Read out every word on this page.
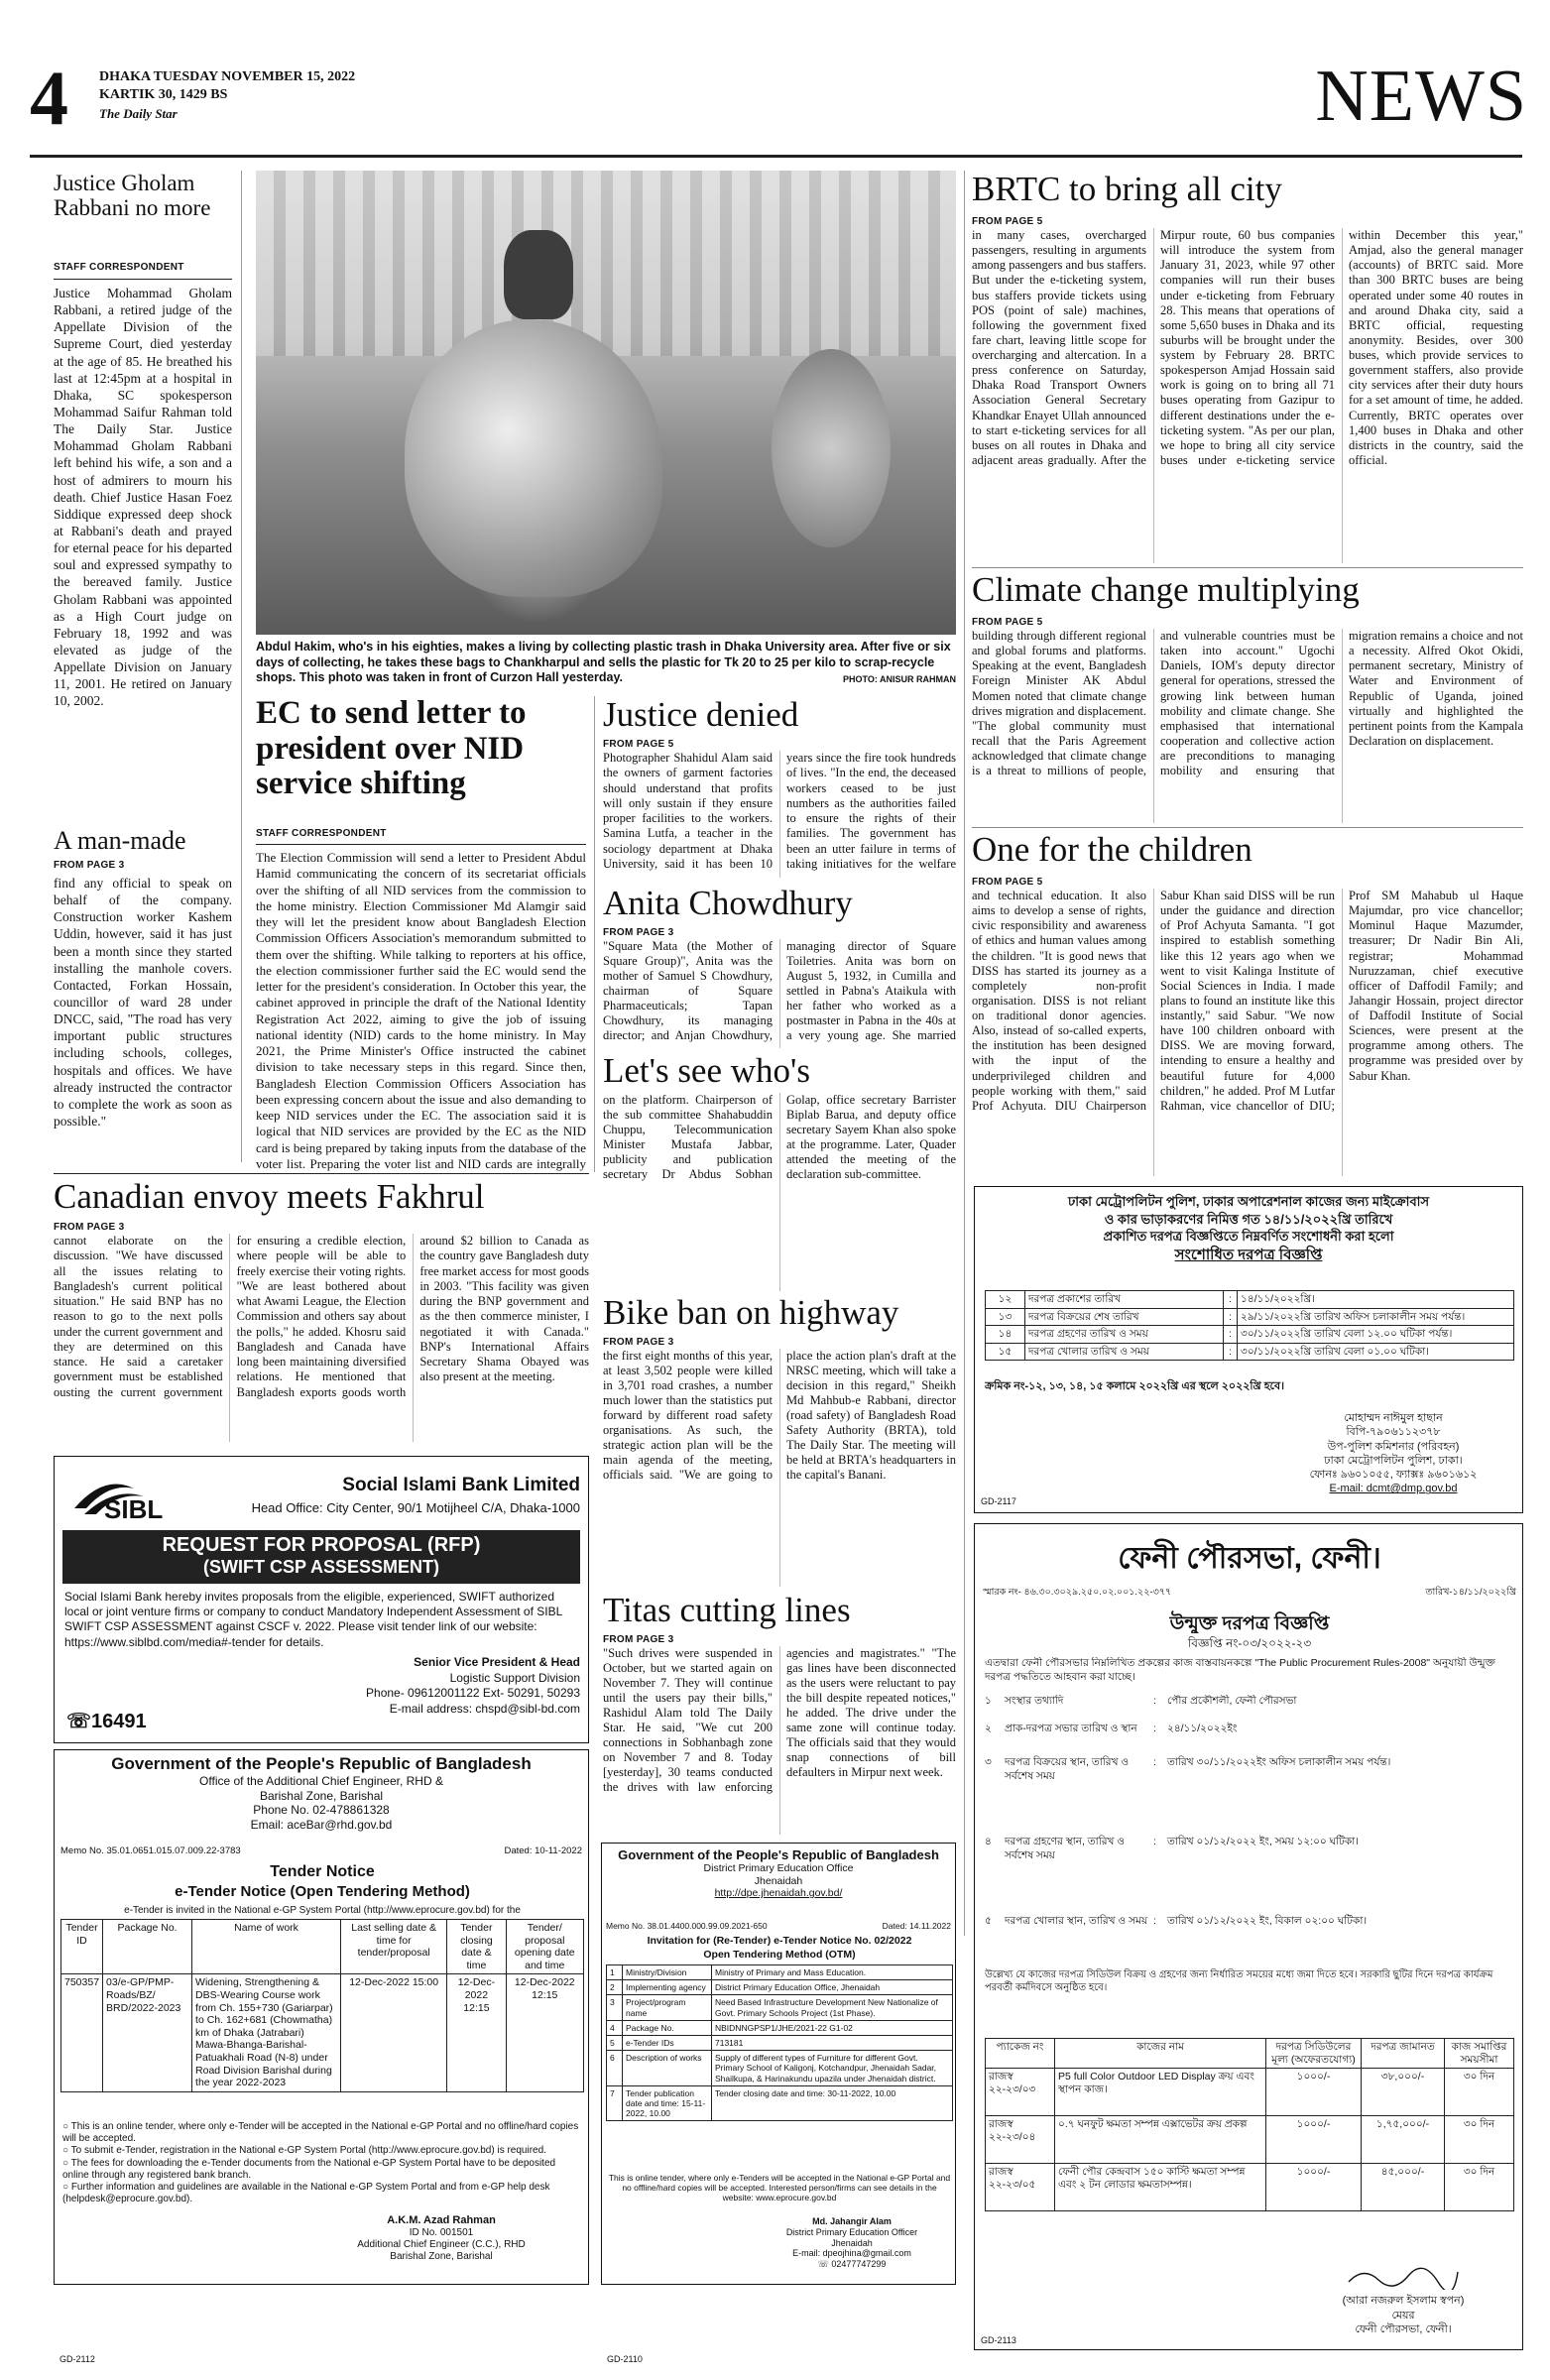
4	DHAKA TUESDAY NOVEMBER 15, 2022
KARTIK 30, 1429 BS
The Daily Star	NEWS
Justice Gholam Rabbani no more
STAFF CORRESPONDENT
Justice Mohammad Gholam Rabbani, a retired judge of the Appellate Division of the Supreme Court, died yesterday at the age of 85. He breathed his last at 12:45pm at a hospital in Dhaka, SC spokesperson Mohammad Saifur Rahman told The Daily Star. Justice Mohammad Gholam Rabbani left behind his wife, a son and a host of admirers to mourn his death. Chief Justice Hasan Foez Siddique expressed deep shock at Rabbani's death and prayed for eternal peace for his departed soul and expressed sympathy to the bereaved family. Justice Gholam Rabbani was appointed as a High Court judge on February 18, 1992 and was elevated as judge of the Appellate Division on January 11, 2001. He retired on January 10, 2002.
A man-made
FROM PAGE 3
find any official to speak on behalf of the company. Construction worker Kashem Uddin, however, said it has just been a month since they started installing the manhole covers. Contacted, Forkan Hossain, councillor of ward 28 under DNCC, said, "The road has very important public structures including schools, colleges, hospitals and offices. We have already instructed the contractor to complete the work as soon as possible."
Abdul Hakim, who's in his eighties, makes a living by collecting plastic trash in Dhaka University area. After five or six days of collecting, he takes these bags to Chankharpul and sells the plastic for Tk 20 to 25 per kilo to scrap-recycle shops. This photo was taken in front of Curzon Hall yesterday.	PHOTO: ANISUR RAHMAN
EC to send letter to president over NID service shifting
STAFF CORRESPONDENT
The Election Commission will send a letter to President Abdul Hamid communicating the concern of its secretariat officials over the shifting of all NID services from the commission to the home ministry. Election Commissioner Md Alamgir said they will let the president know about Bangladesh Election Commission Officers Association's memorandum submitted to them over the shifting. While talking to reporters at his office, the election commissioner further said the EC would send the letter for the president's consideration. In October this year, the cabinet approved in principle the draft of the National Identity Registration Act 2022, aiming to give the job of issuing national identity (NID) cards to the home ministry. In May 2021, the Prime Minister's Office instructed the cabinet division to take necessary steps in this regard. Since then, Bangladesh Election Commission Officers Association has been expressing concern about the issue and also demanding to keep NID services under the EC. The association said it is logical that NID services are provided by the EC as the NID card is being prepared by taking inputs from the database of the voter list. Preparing the voter list and NID cards are integrally
Justice denied
FROM PAGE 5
Photographer Shahidul Alam said the owners of garment factories should understand that profits will only sustain if they ensure proper facilities to the workers. Samina Lutfa, a teacher in the sociology department at Dhaka University, said it has been 10 years since the fire took hundreds of lives. "In the end, the deceased workers ceased to be just numbers as the authorities failed to ensure the rights of their families. The government has been an utter failure in terms of taking initiatives for the welfare
Anita Chowdhury
FROM PAGE 3
"Square Mata (the Mother of Square Group)", Anita was the mother of Samuel S Chowdhury, chairman of Square Pharmaceuticals; Tapan Chowdhury, its managing director; and Anjan Chowdhury, managing director of Square Toiletries. Anita was born on August 5, 1932, in Cumilla and settled in Pabna's Ataikula with her father who worked as a postmaster in Pabna in the 40s at a very young age. She married
Let's see who's
on the platform. Chairperson of the sub committee Shahabuddin Chuppu, Telecommunication Minister Mustafa Jabbar, publicity and publication secretary Dr Abdus Sobhan Golap, office secretary Barrister Biplab Barua, and deputy office secretary Sayem Khan also spoke at the programme. Later, Quader attended the meeting of the declaration sub-committee.
Bike ban on highway
FROM PAGE 3
the first eight months of this year, at least 3,502 people were killed in 3,701 road crashes, a number much lower than the statistics put forward by different road safety organisations. As such, the strategic action plan will be the main agenda of the meeting, officials said. "We are going to place the action plan's draft at the NRSC meeting, which will take a decision in this regard," Sheikh Md Mahbub-e Rabbani, director (road safety) of Bangladesh Road Safety Authority (BRTA), told The Daily Star. The meeting will be held at BRTA's headquarters in the capital's Banani.
Titas cutting lines
FROM PAGE 3
"Such drives were suspended in October, but we started again on November 7. They will continue until the users pay their bills," Rashidul Alam told The Daily Star. He said, "We cut 200 connections in Sobhanbagh zone on November 7 and 8. Today [yesterday], 30 teams conducted the drives with law enforcing agencies and magistrates." "The gas lines have been disconnected as the users were reluctant to pay the bill despite repeated notices," he added. The drive under the same zone will continue today. The officials said that they would snap connections of bill defaulters in Mirpur next week.
Canadian envoy meets Fakhrul
FROM PAGE 3
cannot elaborate on the discussion. "We have discussed all the issues relating to Bangladesh's current political situation." He said BNP has no reason to go to the next polls under the current government and they are determined on this stance. He said a caretaker government must be established ousting the current government for ensuring a credible election, where people will be able to freely exercise their voting rights. "We are least bothered about what Awami League, the Election Commission and others say about the polls," he added. Khosru said Bangladesh and Canada have long been maintaining diversified relations. He mentioned that Bangladesh exports goods worth around $2 billion to Canada as the country gave Bangladesh duty free market access for most goods in 2003. "This facility was given during the BNP government and as the then commerce minister, I negotiated it with Canada." BNP's International Affairs Secretary Shama Obayed was also present at the meeting.
SIBL
Social Islami Bank Limited
Head Office: City Center, 90/1 Motijheel C/A, Dhaka-1000
REQUEST FOR PROPOSAL (RFP)
(SWIFT CSP ASSESSMENT)
Social Islami Bank hereby invites proposals from the eligible, experienced, SWIFT authorized local or joint venture firms or company to conduct Mandatory Independent Assessment of SIBL SWIFT CSP ASSESSMENT against CSCF v. 2022. Please visit tender link of our website: https://www.siblbd.com/media#-tender for details.
Senior Vice President & Head
Logistic Support Division
Phone- 09612001122 Ext- 50291, 50293
E-mail address: chspd@sibl-bd.com
☏16491
Government of the People's Republic of Bangladesh
Office of the Additional Chief Engineer, RHD &
Barishal Zone, Barishal
Phone No. 02-478861328
Email: aceBar@rhd.gov.bd
Memo No. 35.01.0651.015.07.009.22-3783	Dated: 10-11-2022
Tender Notice
e-Tender Notice (Open Tendering Method)
e-Tender is invited in the National e-GP System Portal (http://www.eprocure.gov.bd) for the
Tender ID	Package No.	Name of work	Last selling date & time for tender/proposal	Tender closing date & time	Tender/ proposal opening date and time
750357	03/e-GP/PMP-Roads/BZ/ BRD/2022-2023	Widening, Strengthening & DBS-Wearing Course work from Ch. 155+730 (Gariarpar) to Ch. 162+681 (Chowmatha) km of Dhaka (Jatrabari) Mawa-Bhanga-Barishal-Patuakhali Road (N-8) under Road Division Barishal during the year 2022-2023	12-Dec-2022 15:00	12-Dec-2022 12:15	12-Dec-2022 12:15
○ This is an online tender, where only e-Tender will be accepted in the National e-GP Portal and no offline/hard copies will be accepted.
○ To submit e-Tender, registration in the National e-GP System Portal (http://www.eprocure.gov.bd) is required.
○ The fees for downloading the e-Tender documents from the National e-GP System Portal have to be deposited online through any registered bank branch.
○ Further information and guidelines are available in the National e-GP System Portal and from e-GP help desk (helpdesk@eprocure.gov.bd).
A.K.M. Azad Rahman
ID No. 001501
Additional Chief Engineer (C.C.), RHD
Barishal Zone, Barishal
GD-2112
Government of the People's Republic of Bangladesh
District Primary Education Office
Jhenaidah
http://dpe.jhenaidah.gov.bd/
Memo No. 38.01.4400.000.99.09.2021-650	Dated: 14.11.2022
Invitation for (Re-Tender) e-Tender Notice No. 02/2022
Open Tendering Method (OTM)
1	Ministry/Division	Ministry of Primary and Mass Education.
2	Implementing agency	District Primary Education Office, Jhenaidah
3	Project/program name	Need Based Infrastructure Development New Nationalize of Govt. Primary Schools Project (1st Phase).
4	Package No.	NBIDNNGPSP1/JHE/2021-22 G1-02
5	e-Tender IDs	713181
6	Description of works	Supply of different types of Furniture for different Govt. Primary School of Kaligonj, Kotchandpur, Jhenaidah Sadar, Shailkupa, & Harinakundu upazila under Jhenaidah district.
7	Tender publication date and time: 15-11-2022, 10.00	Tender closing date and time: 30-11-2022, 10.00
This is online tender, where only e-Tenders will be accepted in the National e-GP Portal and no offline/hard copies will be accepted. Interested person/firms can see details in the website: www.eprocure.gov.bd
Md. Jahangir Alam
District Primary Education Officer
Jhenaidah
E-mail: dpeojhina@gmail.com
☏ 02477747299
GD-2110
BRTC to bring all city
FROM PAGE 5
in many cases, overcharged passengers, resulting in arguments among passengers and bus staffers. But under the e-ticketing system, bus staffers provide tickets using POS (point of sale) machines, following the government fixed fare chart, leaving little scope for overcharging and altercation. In a press conference on Saturday, Dhaka Road Transport Owners Association General Secretary Khandkar Enayet Ullah announced to start e-ticketing services for all buses on all routes in Dhaka and adjacent areas gradually. After the Mirpur route, 60 bus companies will introduce the system from January 31, 2023, while 97 other companies will run their buses under e-ticketing from February 28. This means that operations of some 5,650 buses in Dhaka and its suburbs will be brought under the system by February 28. BRTC spokesperson Amjad Hossain said work is going on to bring all 71 buses operating from Gazipur to different destinations under the e-ticketing system. "As per our plan, we hope to bring all city service buses under e-ticketing service within December this year," Amjad, also the general manager (accounts) of BRTC said. More than 300 BRTC buses are being operated under some 40 routes in and around Dhaka city, said a BRTC official, requesting anonymity. Besides, over 300 buses, which provide services to government staffers, also provide city services after their duty hours for a set amount of time, he added. Currently, BRTC operates over 1,400 buses in Dhaka and other districts in the country, said the official.
Climate change multiplying
FROM PAGE 5
building through different regional and global forums and platforms. Speaking at the event, Bangladesh Foreign Minister AK Abdul Momen noted that climate change drives migration and displacement. "The global community must recall that the Paris Agreement acknowledged that climate change is a threat to millions of people, and vulnerable countries must be taken into account." Ugochi Daniels, IOM's deputy director general for operations, stressed the growing link between human mobility and climate change. She emphasised that international cooperation and collective action are preconditions to managing mobility and ensuring that migration remains a choice and not a necessity. Alfred Okot Okidi, permanent secretary, Ministry of Water and Environment of Republic of Uganda, joined virtually and highlighted the pertinent points from the Kampala Declaration on displacement.
One for the children
FROM PAGE 5
and technical education. It also aims to develop a sense of rights, civic responsibility and awareness of ethics and human values among the children. "It is good news that DISS has started its journey as a completely non-profit organisation. DISS is not reliant on traditional donor agencies. Also, instead of so-called experts, the institution has been designed with the input of the underprivileged children and people working with them," said Prof Achyuta. DIU Chairperson Sabur Khan said DISS will be run under the guidance and direction of Prof Achyuta Samanta. "I got inspired to establish something like this 12 years ago when we went to visit Kalinga Institute of Social Sciences in India. I made plans to found an institute like this instantly," said Sabur. "We now have 100 children onboard with DISS. We are moving forward, intending to ensure a healthy and beautiful future for 4,000 children," he added. Prof M Lutfar Rahman, vice chancellor of DIU; Prof SM Mahabub ul Haque Majumdar, pro vice chancellor; Mominul Haque Mazumder, treasurer; Dr Nadir Bin Ali, registrar; Mohammad Nuruzzaman, chief executive officer of Daffodil Family; and Jahangir Hossain, project director of Daffodil Institute of Social Sciences, were present at the programme among others. The programme was presided over by Sabur Khan.
ঢাকা মেট্রোপলিটন পুলিশ, ঢাকার অপারেশনাল কাজের জন্য মাইক্রোবাস
ও কার ভাড়াকরণের নিমিত্ত গত ১৪/১১/২০২২খ্রি তারিখে
প্রকাশিত দরপত্র বিজ্ঞপ্তিতে নিম্নবর্ণিত সংশোধনী করা হলো
সংশোধিত দরপত্র বিজ্ঞপ্তি
১২	দরপত্র প্রকাশের তারিখ	:	১৪/১১/২০২২খ্রি।
১৩	দরপত্র বিক্রয়ের শেষ তারিখ	:	২৯/১১/২০২২খ্রি তারিখ অফিস চলাকালীন সময় পর্যন্ত।
১৪	দরপত্র গ্রহণের তারিখ ও সময়	:	৩০/১১/২০২২খ্রি তারিখ বেলা ১২.০০ ঘটিকা পর্যন্ত।
১৫	দরপত্র খোলার তারিখ ও সময়	:	৩০/১১/২০২২খ্রি তারিখ বেলা ০১.০০ ঘটিকা।
ক্রমিক নং-১২, ১৩, ১৪, ১৫ কলামে ২০২২খ্রি এর স্থলে ২০২২খ্রি হবে।
মোহাম্মদ নাঈমুল হাছান
বিপি-৭৯০৬১১২৩৭৮
উপ-পুলিশ কমিশনার (পরিবহন)
ঢাকা মেট্রোপলিটন পুলিশ, ঢাকা।
ফোনঃ ৯৬০১০৫৫, ফ্যাক্সঃ ৯৬০১৬১২
E-mail: dcmt@dmp.gov.bd
GD-2117
ফেনী পৌরসভা, ফেনী।
স্মারক নং- ৪৬.৩০.৩০২৯.২৫০.০২.০০১.২২-৩৭৭	তারিখ-১৪/১১/২০২২খ্রি
উন্মুক্ত দরপত্র বিজ্ঞপ্তি
বিজ্ঞপ্তি নং-০৩/২০২২-২৩
এতদ্বারা ফেনী পৌরসভার নিম্নলিখিত প্রকল্পের কাজ বাস্তবায়নকল্পে "The Public Procurement Rules-2008" অনুযায়ী উন্মুক্ত দরপত্র পদ্ধতিতে আহবান করা যাচ্ছে।
১	সংস্থার তথ্যাদি	:	পৌর প্রকৌশলী, ফেনী পৌরসভা
২	প্রাক-দরপত্র সভার তারিখ ও স্থান	:	২৪/১১/২০২২ইং
৩	দরপত্র বিক্রয়ের স্থান, তারিখ ও সর্বশেষ সময়
:	তারিখ ৩০/১১/২০২২ইং অফিস চলাকালীন সময় পর্যন্ত।
৪	দরপত্র গ্রহণের স্থান, তারিখ ও সর্বশেষ সময়
:	তারিখ ০১/১২/২০২২ ইং, সময় ১২:০০ ঘটিকা।
৫	দরপত্র খোলার স্থান, তারিখ ও সময় :	তারিখ ০১/১২/২০২২ ইং, বিকাল ০২:০০ ঘটিকা।
উল্লেখ্য যে কাজের দরপত্র সিডিউল বিক্রয় ও গ্রহণের জন্য নির্ধারিত সময়ের মধ্যে জমা দিতে হবে। সরকারি ছুটির দিনে দরপত্র কার্যক্রম পরবর্তী কর্মদিবসে অনুষ্ঠিত হবে।
প্যাকেজ নং	কাজের নাম	দরপত্র সিডিউলের মূল্য (অফেরতযোগ্য)	দরপত্র জামানত	কাজ সমাপ্তির সময়সীমা
রাজস্ব ২২-২৩/০৩	P5 full Color Outdoor LED Display ক্রয় এবং স্থাপন কাজ।	১০০০/-	৩৮,০০০/-	৩০ দিন
রাজস্ব ২২-২৩/০৪	০.৭ ঘনফুট ক্ষমতা সম্পন্ন এক্সাভেটর ক্রয় প্রকল্প	১০০০/-	১,৭৫,০০০/-	৩০ দিন
রাজস্ব ২২-২৩/০৫	ফেনী পৌর কেন্দ্রবাস ১৫০ কাস্টি ক্ষমতা সম্পন্ন এবং ২ টন লোডার ক্ষমতাসম্পন্ন।	১০০০/-	৪৫,০০০/-	৩০ দিন
(আরা নজরুল ইসলাম স্বপন)
মেয়র
ফেনী পৌরসভা, ফেনী।
GD-2113
